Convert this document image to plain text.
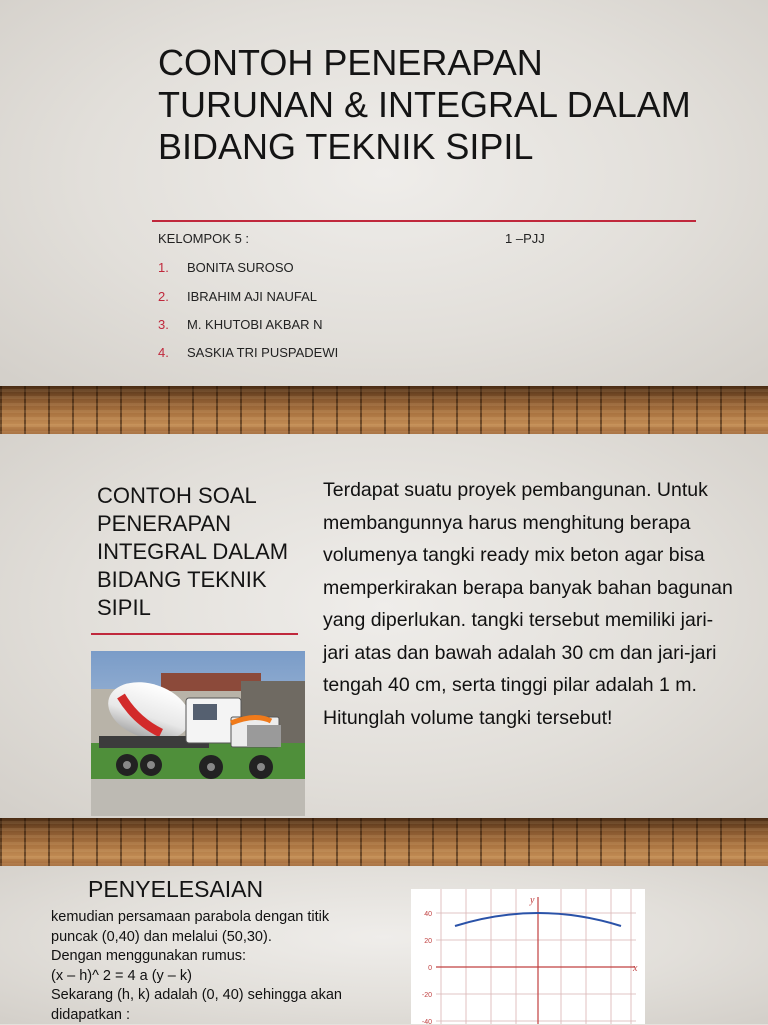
CONTOH PENERAPAN TURUNAN & INTEGRAL DALAM BIDANG TEKNIK SIPIL
KELOMPOK 5 :	1 –PJJ
1. BONITA SUROSO
2. IBRAHIM AJI NAUFAL
3. M. KHUTOBI AKBAR N
4. SASKIA TRI PUSPADEWI
CONTOH SOAL PENERAPAN INTEGRAL DALAM BIDANG TEKNIK SIPIL

Terdapat suatu proyek pembangunan. Untuk membangunnya harus menghitung berapa volumenya tangki ready mix beton agar bisa memperkirakan berapa banyak bahan bagunan yang diperlukan. tangki tersebut memiliki jari-jari atas dan bawah adalah 30 cm dan jari-jari tengah 40 cm, serta tinggi pilar adalah 1 m. Hitunglah volume tangki tersebut!

PENYELESAIAN
kemudian persamaan parabola dengan titik
puncak (0,40) dan melalui (50,30).
Dengan menggunakan rumus:
(x – h)^ 2 = 4 a (y – k)
Sekarang (h, k) adalah (0, 40) sehingga akan
didapatkan :
y
x
40
20
0
-20
-40
